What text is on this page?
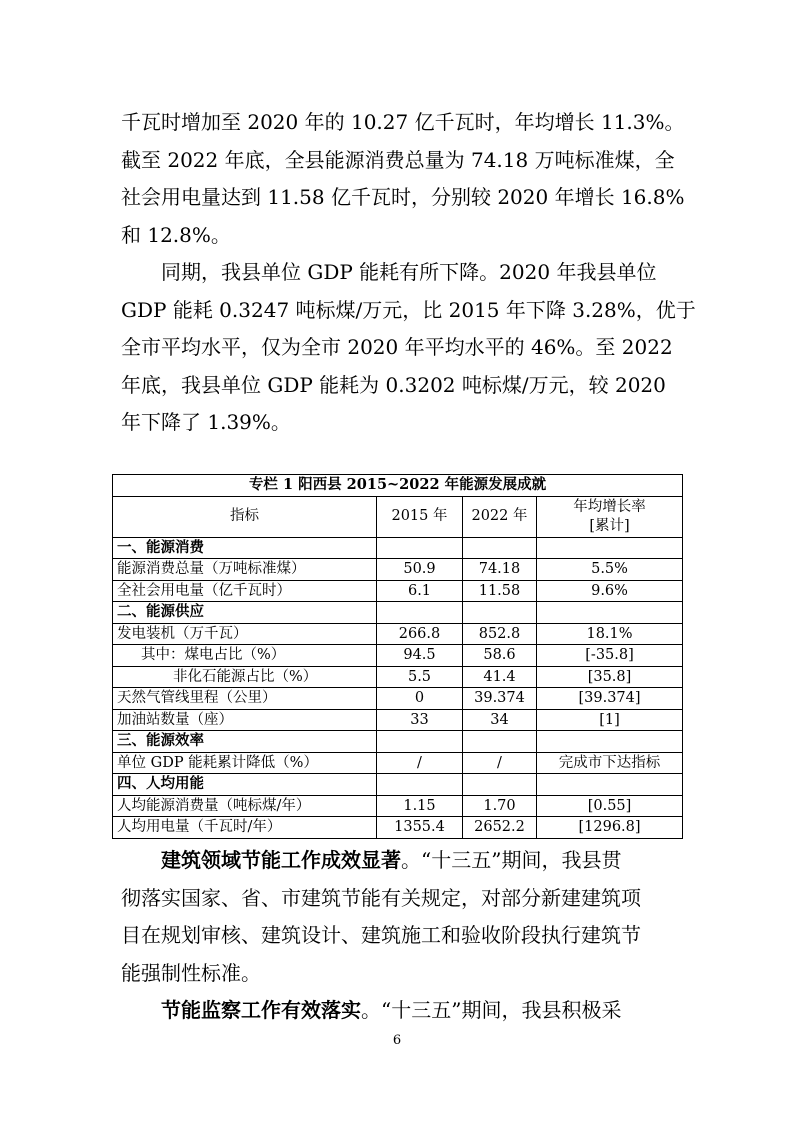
千瓦时增加至 2020 年的 10.27 亿千瓦时，年均增长 11.3%。
截至 2022 年底，全县能源消费总量为 74.18 万吨标准煤，全
社会用电量达到 11.58 亿千瓦时，分别较 2020 年增长 16.8%
和 12.8%。
同期，我县单位 GDP 能耗有所下降。2020 年我县单位
GDP 能耗 0.3247 吨标煤/万元，比 2015 年下降 3.28%，优于
全市平均水平，仅为全市 2020 年平均水平的 46%。至 2022
年底，我县单位 GDP 能耗为 0.3202 吨标煤/万元，较 2020
年下降了 1.39%。
专栏 1 阳西县 2015~2022 年能源发展成就			
指标	2015 年	2022 年	年均增长率
[累计]
一、能源消费			
能源消费总量（万吨标准煤）	50.9	74.18	5.5%
全社会用电量（亿千瓦时）	6.1	11.58	9.6%
二、能源供应			
发电装机（万千瓦）	266.8	852.8	18.1%
其中：煤电占比（%）	94.5	58.6	[-35.8]
非化石能源占比（%）	5.5	41.4	[35.8]
天然气管线里程（公里）	0	39.374	[39.374]
加油站数量（座）	33	34	[1]
三、能源效率			
单位 GDP 能耗累计降低（%）	/	/	完成市下达指标
四、人均用能			
人均能源消费量（吨标煤/年）	1.15	1.70	[0.55]
人均用电量（千瓦时/年）	1355.4	2652.2	[1296.8]
建筑领域节能工作成效显著。“十三五”期间，我县贯
彻落实国家、省、市建筑节能有关规定，对部分新建建筑项
目在规划审核、建筑设计、建筑施工和验收阶段执行建筑节
能强制性标准。
节能监察工作有效落实。“十三五”期间，我县积极采
6
